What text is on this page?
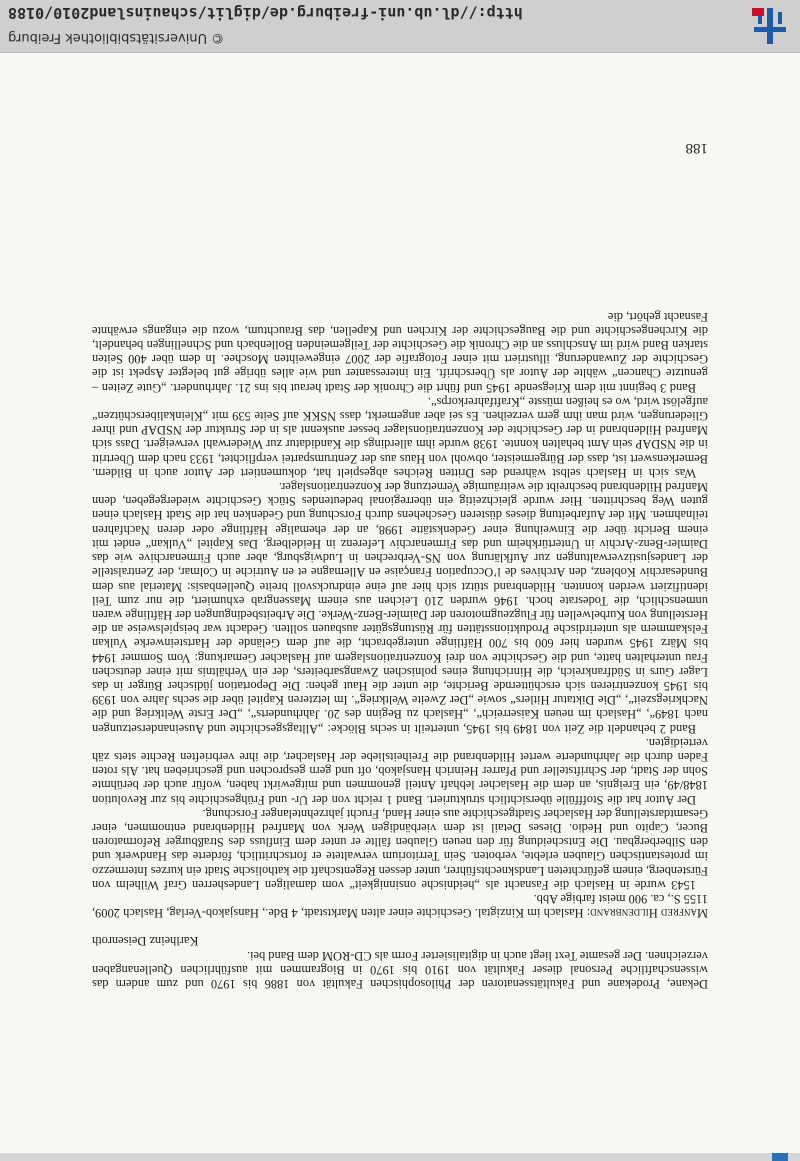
Dekane, Prodekane und Fakultätssenatoren der Philosophischen Fakultät von 1886 bis 1970 und zum andern das wissenschaftliche Personal dieser Fakultät von 1910 bis 1970 in Biogrammen mit ausführlichen Quellenangaben verzeichnen. Der gesamte Text liegt auch in digitalisierter Form als CD-ROM dem Band bei.

Karlheinz Deisenroth

Manfred Hildenbrand: Haslach im Kinzigtal. Geschichte einer alten Marktstadt, 4 Bde., Hansjakob-Verlag, Haslach 2009, 1155 S., ca. 900 meist farbige Abb.

1543 wurde in Haslach die Fasnacht als „heidnische onsinnigkeit“ vom damaligen Landesherren Graf Wilhelm von Fürstenberg, einem gefürchteten Landsknechtsführer, unter dessen Regentschaft die katholische Stadt ein kurzes Intermezzo im protestantischen Glauben erlebte, verboten. Sein Territorium verwaltete er fortschrittlich, förderte das Handwerk und den Silberbergbau. Die Entscheidung für den neuen Glauben fällte er unter dem Einfluss des Straßburger Reformatoren Bucer, Capito und Hedio. Dieses Detail ist dem vierbändigen Werk von Manfred Hildenbrand entnommen, einer Gesamtdarstellung der Haslacher Stadtgeschichte aus einer Hand, Frucht jahrzehntelanger Forschung.

Der Autor hat die Stofffülle übersichtlich strukturiert. Band 1 reicht von der Ur- und Frühgeschichte bis zur Revolution 1848/49, ein Ereignis, an dem die Haslacher lebhaft Anteil genommen und mitgewirkt haben, wofür auch der berühmte Sohn der Stadt, der Schriftsteller und Pfarrer Heinrich Hansjakob, oft und gern gesprochen und geschrieben hat. Als roten Faden durch die Jahrhunderte wertet Hildenbrand die Freiheitsliebe der Haslacher, die ihre verbrieften Rechte stets zäh verteidigten.

Band 2 behandelt die Zeit von 1849 bis 1945, unterteilt in sechs Blöcke: „Alltagsgeschichte und Auseinandersetzungen nach 1849“, „Haslach im neuen Kaiserreich“, „Haslach zu Beginn des 20. Jahrhunderts“, „Der Erste Weltkrieg und die Nachkriegszeit“, „Die Diktatur Hitlers“ sowie „Der Zweite Weltkrieg“. Im letzteren Kapitel über die sechs Jahre von 1939 bis 1945 konzentrieren sich erschütternde Berichte, die unter die Haut gehen: Die Deportation jüdischer Bürger in das Lager Gurs in Südfrankreich, die Hinrichtung eines polnischen Zwangsarbeiters, der ein Verhältnis mit einer deutschen Frau unterhalten hatte, und die Geschichte von drei Konzentrationslagern auf Haslacher Gemarkung: Vom Sommer 1944 bis März 1945 wurden hier 600 bis 700 Häftlinge untergebracht, die auf dem Gelände der Hartsteinwerke Vulkan Felskammern als unterirdische Produktionsstätten für Rüstungsgüter ausbauen sollten. Gedacht war beispielsweise an die Herstellung von Kurbelwellen für Flugzeugmotoren der Daimler-Benz-Werke. Die Arbeitsbedingungen der Häftlinge waren unmenschlich, die Todesrate hoch. 1946 wurden 210 Leichen aus einem Massengrab exhumiert, die nur zum Teil identifiziert werden konnten. Hildenbrand stützt sich hier auf eine eindrucksvoll breite Quellenbasis: Material aus dem Bundesarchiv Koblenz, den Archives de l’Occupation Française en Allemagne et en Autriche in Colmar, der Zentralstelle der Landesjustizverwaltungen zur Aufklärung von NS-Verbrechen in Ludwigsburg, aber auch Firmenarchive wie das Daimler-Benz-Archiv in Untertürkheim und das Firmenarchiv Leferenz in Heidelberg. Das Kapitel „Vulkan“ endet mit einem Bericht über die Einweihung einer Gedenkstätte 1998, an der ehemalige Häftlinge oder deren Nachfahren teilnahmen. Mit der Aufarbeitung dieses düsteren Geschehens durch Forschung und Gedenken hat die Stadt Haslach einen guten Weg beschritten. Hier wurde gleichzeitig ein überregional bedeutendes Stück Geschichte wiedergegeben, denn Manfred Hildenbrand beschreibt die weiträumige Vernetzung der Konzentrationslager.

Was sich in Haslach selbst während des Dritten Reiches abgespielt hat, dokumentiert der Autor auch in Bildern. Bemerkenswert ist, dass der Bürgermeister, obwohl von Haus aus der Zentrumspartei verpflichtet, 1933 nach dem Übertritt in die NSDAP sein Amt behalten konnte. 1938 wurde ihm allerdings die Kandidatur zur Wiederwahl verweigert. Dass sich Manfred Hildenbrand in der Geschichte der Konzentrationslager besser auskennt als in der Struktur der NSDAP und ihrer Gliederungen, wird man ihm gern verzeihen. Es sei aber angemerkt, dass NSKK auf Seite 539 mit „Kleinkaliberschützen“ aufgelöst wird, wo es heißen müsste „Kraftfahrerkorps“.

Band 3 beginnt mit dem Kriegsende 1945 und führt die Chronik der Stadt heraut bis ins 21. Jahrhundert. „Gute Zeiten – genutzte Chancen“ wählte der Autor als Überschrift. Ein interessanter und wie alles übrige gut belegter Aspekt ist die Geschichte der Zuwanderung, illustriert mit einer Fotografie der 2007 eingeweihten Moschee. In dem über 400 Seiten starken Band wird im Anschluss an die Chronik die Geschichte der Teilgemeinden Bollenbach und Schnellingen behandelt, die Kirchengeschichte und die Baugeschichte der Kirchen und Kapellen, das Brauchtum, wozu die eingangs erwähnte Fasnacht gehört, die

188
© Universitätsbibliothek Freiburg
http://dl.ub.uni-freiburg.de/diglit/schauinsland2010/0188
